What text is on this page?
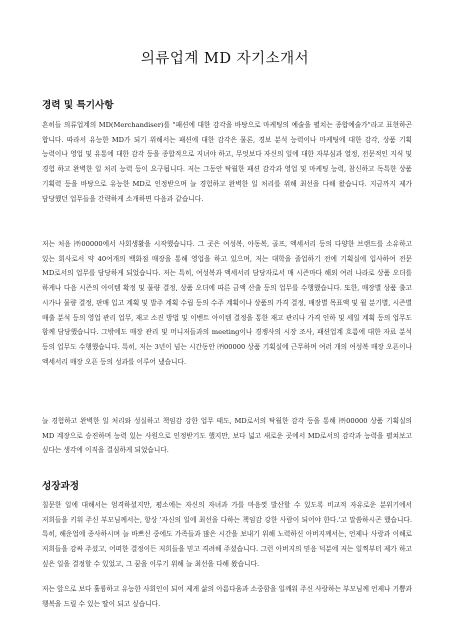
의류업계 MD 자기소개서
경력 및 특기사항

흔히들 의류업계의 MD(Merchandiser)를 "패션에 대한 감각을 바탕으로 마케팅의 예술을 펼치는 종합예술가"라고 표현하곤 합니다. 따라서 유능한 MD가 되기 위해서는 패션에 대한 감각은 물론, 경보 분석 능력이나 마케팅에 대한 감각, 상품 기획 능력이나 영업 및 유통에 대한 감각 등을 종합적으로 지녀야 하고, 무엇보다 자신의 일에 대한 자부심과 열정, 전문적인 지식 및 경험 하고 완벽한 일 처리 능력 등이 요구됩니다. 저는 그동안 탁월한 패션 감각과 영업 및 마케팅 능력, 참신하고 독특한 상품 기획력 등을 바탕으로 유능한 MD로 인정받으며 늘 경험하고 완벽한 일 처리를 위해 최선을 다해 왔습니다. 지금까지 제가 담당했던 업무들을 간략하게 소개하면 다음과 같습니다.

저는 처음 ㈜00000에서 사회생활을 시작했습니다. 그 곳은 여성복, 아동복, 골프, 액세서리 등의 다양한 브랜드를 소유하고 있는 회사로서 약 40여개의 백화점 매장을 통해 영업을 하고 있으며, 저는 대학을 졸업하기 전에 기획실에 입사하여 전문 MD로서의 업무를 담당하게 되었습니다. 저는 특히, 여성복과 액세서리 담당자로서 매 시즌마다 해외 여러 나라로 상품 오더를 하게나 다음 시즌의 아이템 확정 및 물량 결정, 상품 오더에 따른 금액 산출 등의 업무를 수행했습니다. 또한, 매장별 상품 출고 시가나 물량 결정, 판매 입고 계획 및 발주 계획 수립 등의 수주 계획이나 상품의 가격 결정, 매장별 목표액 및 월 분기별, 시즌별 매출 분석 등의 영업 관리 업무, 재고 소진 방법 및 이벤트 아이템 결정을 통한 재고 관리나 가격 인하 및 세일 계획 등의 업무도 함께 담당했습니다. 그밖에도 매장 관리 및 머니저들과의 meeting이나 경쟁사의 시장 조사, 패션업계 흐름에 대한 자료 분석 등의 업무도 수행했습니다. 특히, 저는 3년이 넘는 시간동안 ㈜00000 상품 기획실에 근무하며 여러 개의 여성복 매장 오픈이나 액세서리 매장 오픈 등의 성과를 이루어 냈습니다.

늘 경험하고 완벽한 일 처리와 성실하고 책임감 강한 업무 태도, MD로서의 탁월한 감각 등을 통해 ㈜00000 상품 기획실의 MD 계장으로 승진하며 능력 있는 사원으로 인정받기도 했지만, 보다 넓고 새로운 곳에서 MD로서의 감각과 능력을 펼쳐보고 싶다는 생각에 이직을 결심하게 되었습니다.

성장과정

칠문한 일에 대해서는 엄격하셨지만, 평소에는 자신의 자녀과 가를 마음껏 발산할 수 있도록 비교적 자유로운 분위기에서 저희들을 키워 주신 부모님께서는, 항상 '자신의 일에 최선을 다하는 책임감 강한 사람이 되어야 한다.'고 말씀하시곤 했습니다. 특히, 해운업에 종사하시며 늘 바쁘신 중에도 가족들과 많은 시간을 보내기 위해 노력하신 아버지께서는, 언제나 사랑과 이해로 저희들을 감싸 주셨고, 어떠한 결정이든 저희들을 믿고 격려해 주셨습니다. 그런 아버지의 믿음 덕분에 저는 일찍부터 제가 하고 싶은 일을 결정할 수 있었고, 그 꿈을 이루기 위해 늘 최선을 다해 왔습니다.

저는 앞으로 보다 훌륭하고 유능한 사회인이 되어 제게 삶의 아름다움과 소중함을 일깨워 주신 사랑하는 부모님께 언제나 기쁨과 행복을 드릴 수 있는 딸이 되고 싶습니다.
